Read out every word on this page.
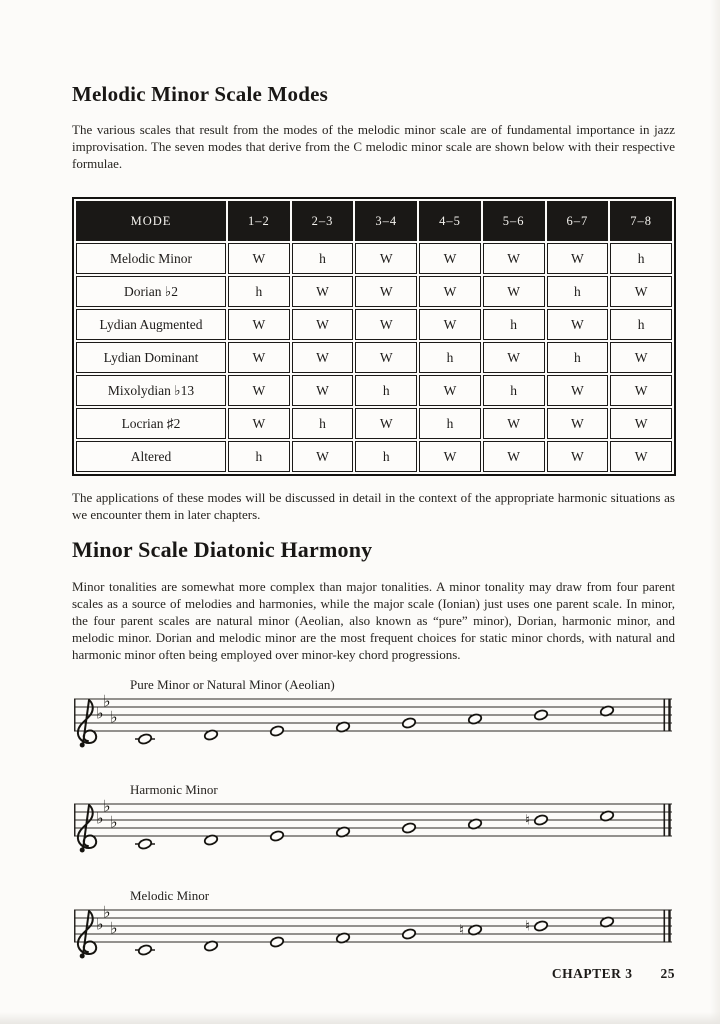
Melodic Minor Scale Modes

The various scales that result from the modes of the melodic minor scale are of fundamental importance in jazz improvisation. The seven modes that derive from the C melodic minor scale are shown below with their respective formulae.

MODE	1–2	2–3	3–4	4–5	5–6	6–7	7–8
Melodic Minor	W	h	W	W	W	W	h
Dorian ♭2	h	W	W	W	W	h	W
Lydian Augmented	W	W	W	W	h	W	h
Lydian Dominant	W	W	W	h	W	h	W
Mixolydian ♭13	W	W	h	W	h	W	W
Locrian ♯2	W	h	W	h	W	W	W
Altered	h	W	h	W	W	W	W

The applications of these modes will be discussed in detail in the context of the appropriate harmonic situations as we encounter them in later chapters.

Minor Scale Diatonic Harmony

Minor tonalities are somewhat more complex than major tonalities. A minor tonality may draw from four parent scales as a source of melodies and harmonies, while the major scale (Ionian) just uses one parent scale. In minor, the four parent scales are natural minor (Aeolian, also known as “pure” minor), Dorian, harmonic minor, and melodic minor. Dorian and melodic minor are the most frequent choices for static minor chords, with natural and harmonic minor often being employed over minor-key chord progressions.

Pure Minor or Natural Minor (Aeolian)

♭
♭
♭

Harmonic Minor

♭
♭
♭	♮

Melodic Minor

♭
♭
♭	♮	♮

CHAPTER 3 25
